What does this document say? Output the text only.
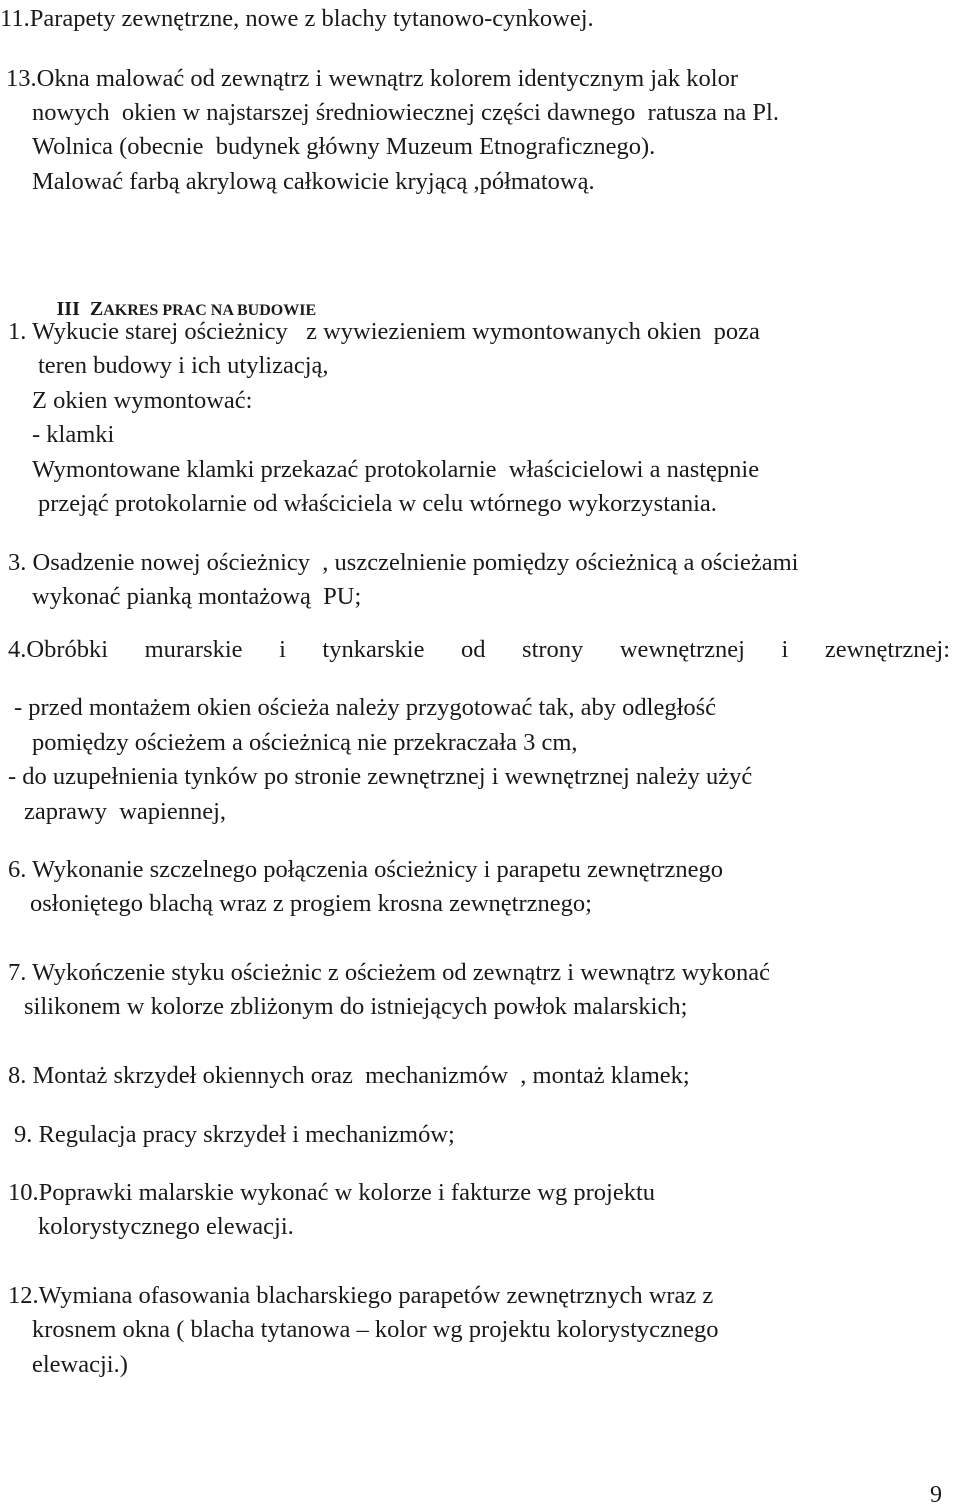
11.Parapety zewnętrzne, nowe z blachy tytanowo-cynkowej.
13.Okna malować od zewnątrz i wewnątrz kolorem identycznym jak kolor
nowych  okien w najstarszej średniowiecznej części dawnego  ratusza na Pl.
Wolnica (obecnie  budynek główny Muzeum Etnograficznego).
Malować farbą akrylową całkowicie kryjącą ,półmatową.

III ZAKRES PRAC NA BUDOWIE

1. Wykucie starej ościeżnicy   z wywiezieniem wymontowanych okien  poza
teren budowy i ich utylizacją,
Z okien wymontować:
- klamki
Wymontowane klamki przekazać protokolarnie  właścicielowi a następnie
przejąć protokolarnie od właściciela w celu wtórnego wykorzystania.
3. Osadzenie nowej ościeżnicy  , uszczelnienie pomiędzy ościeżnicą a ościeżami
wykonać pianką montażową  PU;
4.Obróbki murarskie i tynkarskie od strony wewnętrznej i zewnętrznej:
- przed montażem okien ościeża należy przygotować tak, aby odległość
pomiędzy ościeżem a ościeżnicą nie przekraczała 3 cm,
- do uzupełnienia tynków po stronie zewnętrznej i wewnętrznej należy użyć
zaprawy  wapiennej,
6. Wykonanie szczelnego połączenia ościeżnicy i parapetu zewnętrznego
osłoniętego blachą wraz z progiem krosna zewnętrznego;
7. Wykończenie styku ościeżnic z ościeżem od zewnątrz i wewnątrz wykonać
silikonem w kolorze zbliżonym do istniejących powłok malarskich;
8. Montaż skrzydeł okiennych oraz  mechanizmów  , montaż klamek;
9. Regulacja pracy skrzydeł i mechanizmów;
10.Poprawki malarskie wykonać w kolorze i fakturze wg projektu
kolorystycznego elewacji.
12.Wymiana ofasowania blacharskiego parapetów zewnętrznych wraz z
krosnem okna ( blacha tytanowa – kolor wg projektu kolorystycznego
elewacji.)
9
